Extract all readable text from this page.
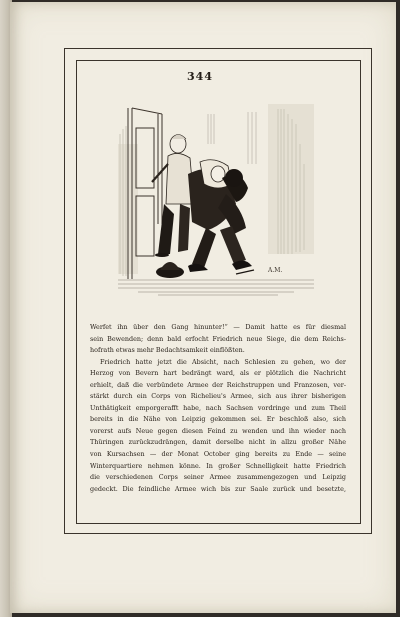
344
A.M.
Werfet ihn über den Gang hinunter!“ — Damit hatte es für diesmal
sein Bewenden; denn bald erfocht Friedrich neue Siege, die dem Reichs-
hofrath etwas mehr Bedachtsamkeit einflößten.
Friedrich hatte jetzt die Absicht, nach Schlesien zu gehen, wo der
Herzog von Bevern hart bedrängt ward, als er plötzlich die Nachricht
erhielt, daß die verbündete Armee der Reichstruppen und Franzosen, ver-
stärkt durch ein Corps von Richelieu's Armee, sich aus ihrer bisherigen
Unthätigkeit emporgerafft habe, nach Sachsen vordringe und zum Theil
bereits in die Nähe von Leipzig gekommen sei. Er beschloß also, sich
vorerst aufs Neue gegen diesen Feind zu wenden und ihn wieder nach
Thüringen zurückzudrängen, damit derselbe nicht in allzu großer Nähe
von Kursachsen — der Monat October ging bereits zu Ende — seine
Winterquartiere nehmen könne. In großer Schnelligkeit hatte Friedrich
die verschiedenen Corps seiner Armee zusammengezogen und Leipzig
gedeckt. Die feindliche Armee wich bis zur Saale zurück und besetzte,
